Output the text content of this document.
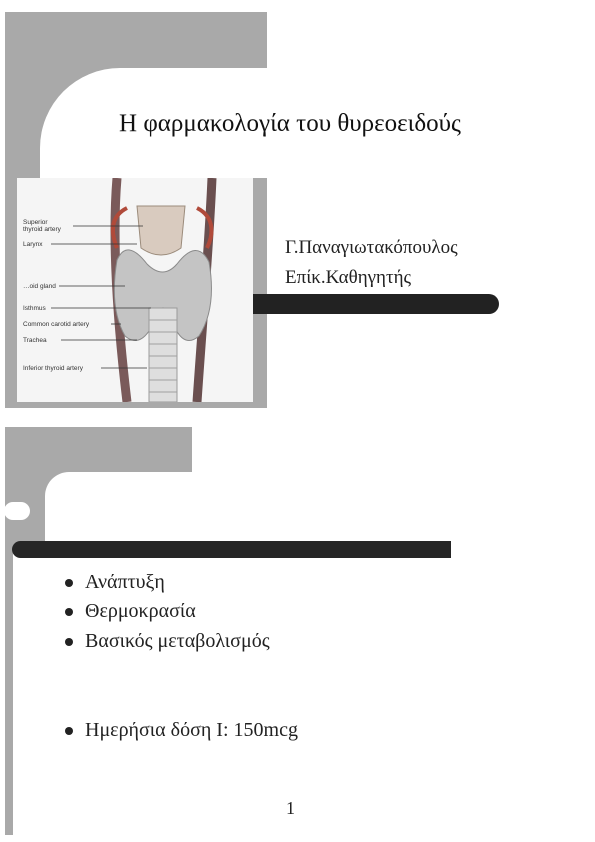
Η φαρμακολογία του θυρεοειδούς
Superior
thyroid artery
Larynx
…oid gland
Isthmus
Common carotid artery
Trachea
Inferior thyroid artery
Γ.Παναγιωτακόπουλος
Επίκ.Καθηγητής
Ανάπτυξη
Θερμοκρασία
Βασικός μεταβολισμός
Ημερήσια δόση Ι: 150mcg
1
